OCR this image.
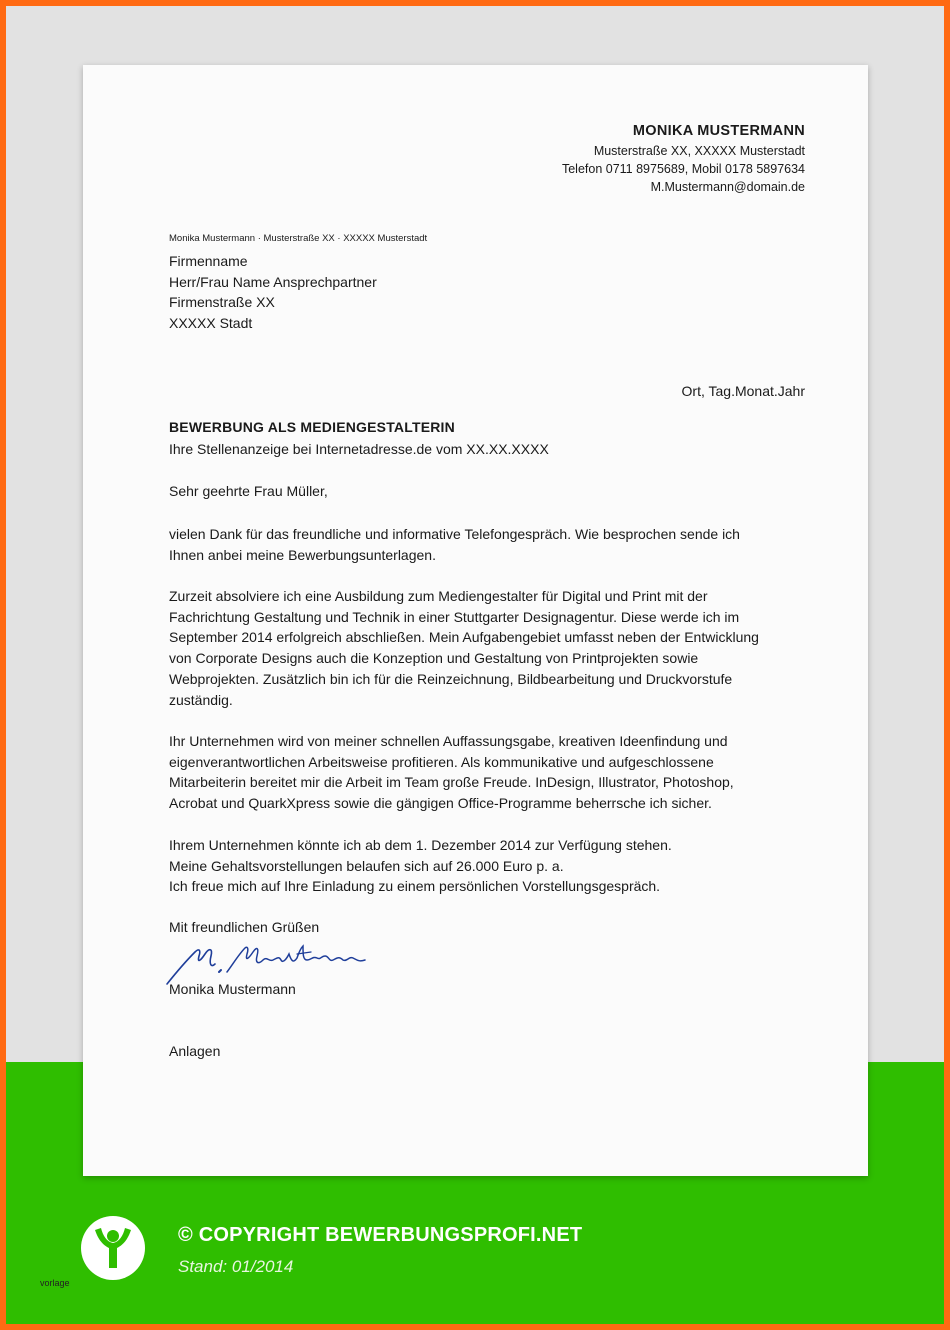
MONIKA MUSTERMANN
Musterstraße XX, XXXXX Musterstadt
Telefon 0711 8975689, Mobil 0178 5897634
M.Mustermann@domain.de
Monika Mustermann · Musterstraße XX · XXXXX Musterstadt
Firmenname
Herr/Frau Name Ansprechpartner
Firmenstraße XX
XXXXX Stadt
Ort, Tag.Monat.Jahr
BEWERBUNG ALS MEDIENGESTALTERIN
Ihre Stellenanzeige bei Internetadresse.de vom XX.XX.XXXX
Sehr geehrte Frau Müller,
vielen Dank für das freundliche und informative Telefongespräch. Wie besprochen sende ich
Ihnen anbei meine Bewerbungsunterlagen.
Zurzeit absolviere ich eine Ausbildung zum Mediengestalter für Digital und Print mit der
Fachrichtung Gestaltung und Technik in einer Stuttgarter Designagentur. Diese werde ich im
September 2014 erfolgreich abschließen. Mein Aufgabengebiet umfasst neben der Entwicklung
von Corporate Designs auch die Konzeption und Gestaltung von Printprojekten sowie
Webprojekten. Zusätzlich bin ich für die Reinzeichnung, Bildbearbeitung und Druckvorstufe
zuständig.
Ihr Unternehmen wird von meiner schnellen Auffassungsgabe, kreativen Ideenfindung und
eigenverantwortlichen Arbeitsweise profitieren. Als kommunikative und aufgeschlossene
Mitarbeiterin bereitet mir die Arbeit im Team große Freude. InDesign, Illustrator, Photoshop,
Acrobat und QuarkXpress sowie die gängigen Office-Programme beherrsche ich sicher.
Ihrem Unternehmen könnte ich ab dem 1. Dezember 2014 zur Verfügung stehen.
Meine Gehaltsvorstellungen belaufen sich auf 26.000 Euro p. a.
Ich freue mich auf Ihre Einladung zu einem persönlichen Vorstellungsgespräch.
Mit freundlichen Grüßen
Monika Mustermann
Anlagen
© COPYRIGHT BEWERBUNGSPROFI.NET
Stand: 01/2014
vorlage
